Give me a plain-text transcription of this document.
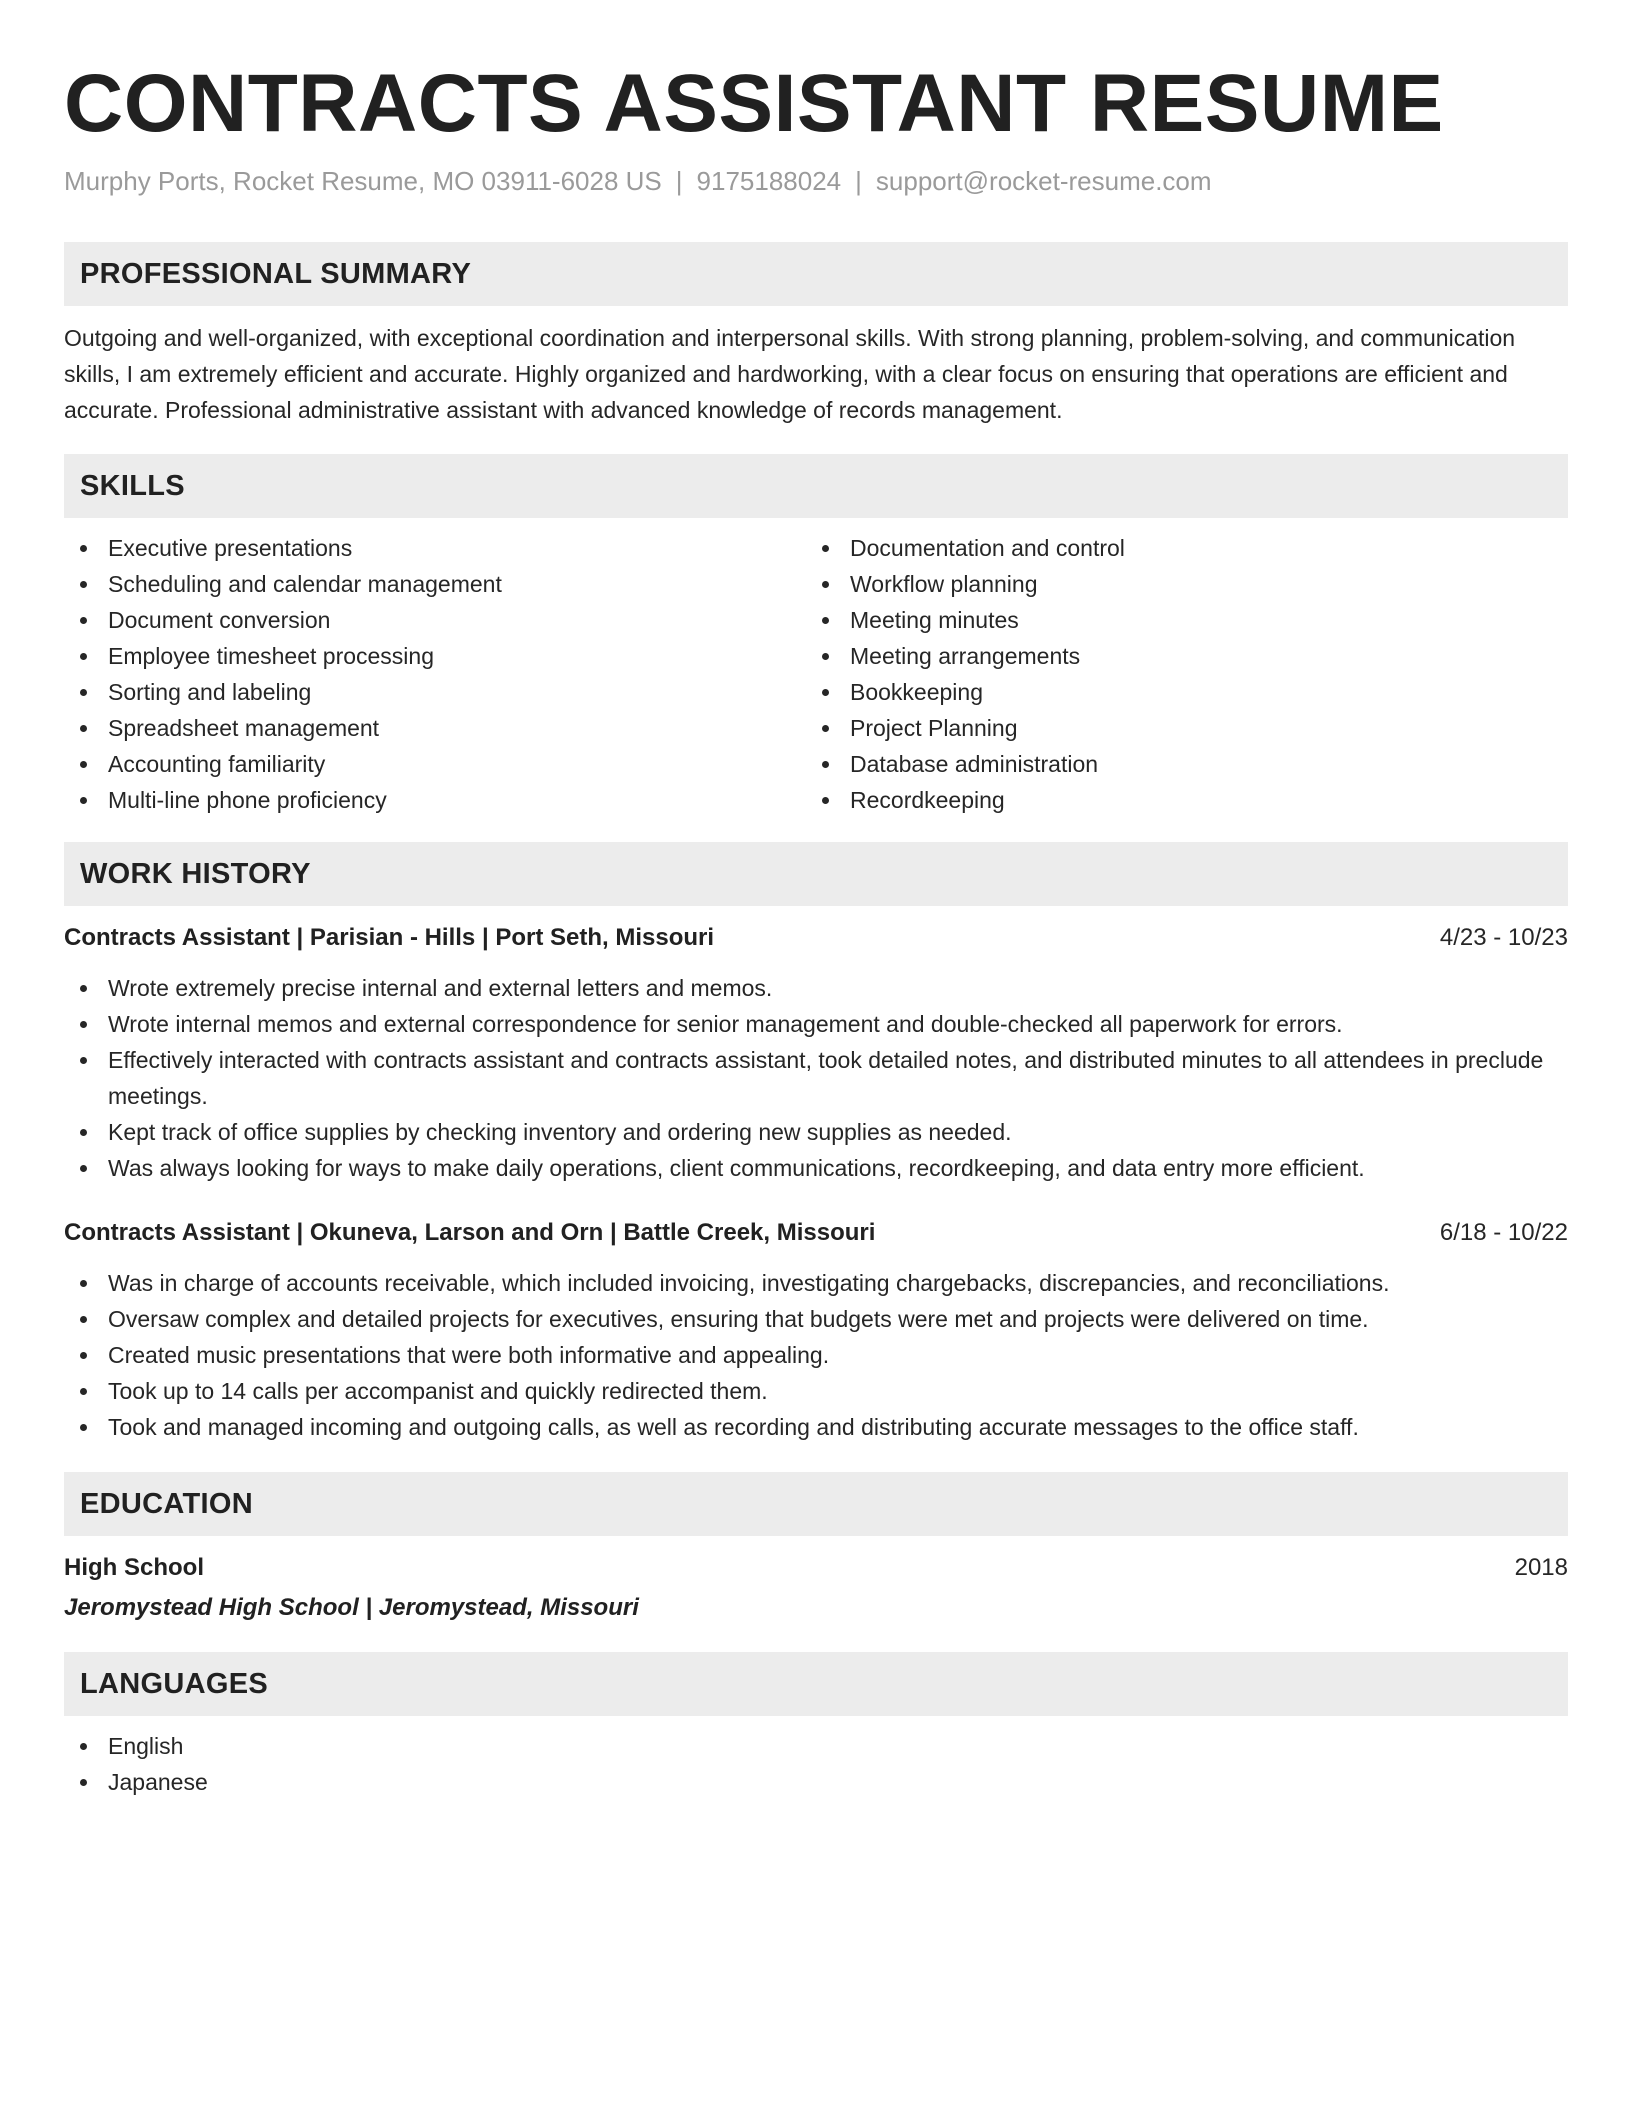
CONTRACTS ASSISTANT RESUME
Murphy Ports, Rocket Resume, MO 03911-6028 US | 9175188024 | support@rocket-resume.com
PROFESSIONAL SUMMARY

Outgoing and well-organized, with exceptional coordination and interpersonal skills. With strong planning, problem-solving, and communication skills, I am extremely efficient and accurate. Highly organized and hardworking, with a clear focus on ensuring that operations are efficient and accurate. Professional administrative assistant with advanced knowledge of records management.

SKILLS
Executive presentations
Scheduling and calendar management
Document conversion
Employee timesheet processing
Sorting and labeling
Spreadsheet management
Accounting familiarity
Multi-line phone proficiency
Documentation and control
Workflow planning
Meeting minutes
Meeting arrangements
Bookkeeping
Project Planning
Database administration
Recordkeeping
WORK HISTORY
Contracts Assistant | Parisian - Hills | Port Seth, Missouri	4/23 - 10/23
Wrote extremely precise internal and external letters and memos.
Wrote internal memos and external correspondence for senior management and double-checked all paperwork for errors.
Effectively interacted with contracts assistant and contracts assistant, took detailed notes, and distributed minutes to all attendees in preclude meetings.
Kept track of office supplies by checking inventory and ordering new supplies as needed.
Was always looking for ways to make daily operations, client communications, recordkeeping, and data entry more efficient.
Contracts Assistant | Okuneva, Larson and Orn | Battle Creek, Missouri	6/18 - 10/22
Was in charge of accounts receivable, which included invoicing, investigating chargebacks, discrepancies, and reconciliations.
Oversaw complex and detailed projects for executives, ensuring that budgets were met and projects were delivered on time.
Created music presentations that were both informative and appealing.
Took up to 14 calls per accompanist and quickly redirected them.
Took and managed incoming and outgoing calls, as well as recording and distributing accurate messages to the office staff.
EDUCATION
High School	2018
Jeromystead High School | Jeromystead, Missouri
LANGUAGES
English
Japanese
